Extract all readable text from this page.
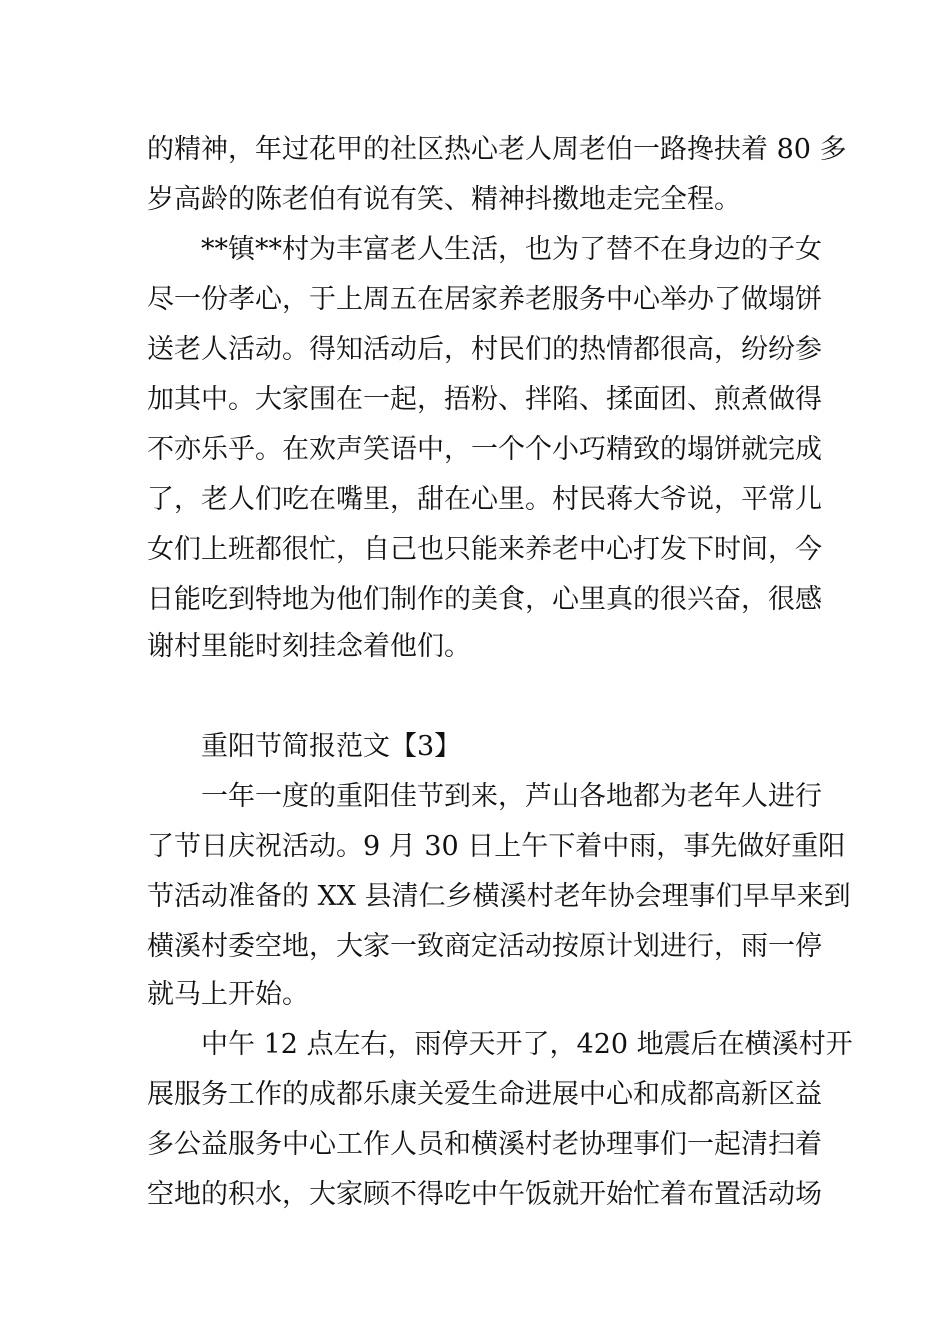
的精神，年过花甲的社区热心老人周老伯一路搀扶着 80 多
岁高龄的陈老伯有说有笑、精神抖擞地走完全程。
**镇**村为丰富老人生活，也为了替不在身边的子女
尽一份孝心，于上周五在居家养老服务中心举办了做塌饼
送老人活动。得知活动后，村民们的热情都很高，纷纷参
加其中。大家围在一起，捂粉、拌陷、揉面团、煎煮做得
不亦乐乎。在欢声笑语中，一个个小巧精致的塌饼就完成
了，老人们吃在嘴里，甜在心里。村民蒋大爷说，平常儿
女们上班都很忙，自己也只能来养老中心打发下时间，今
日能吃到特地为他们制作的美食，心里真的很兴奋，很感
谢村里能时刻挂念着他们。
重阳节简报范文【3】
一年一度的重阳佳节到来，芦山各地都为老年人进行
了节日庆祝活动。9 月 30 日上午下着中雨，事先做好重阳
节活动准备的 XX 县清仁乡横溪村老年协会理事们早早来到
横溪村委空地，大家一致商定活动按原计划进行，雨一停
就马上开始。
中午 12 点左右，雨停天开了，420 地震后在横溪村开
展服务工作的成都乐康关爱生命进展中心和成都高新区益
多公益服务中心工作人员和横溪村老协理事们一起清扫着
空地的积水，大家顾不得吃中午饭就开始忙着布置活动场
